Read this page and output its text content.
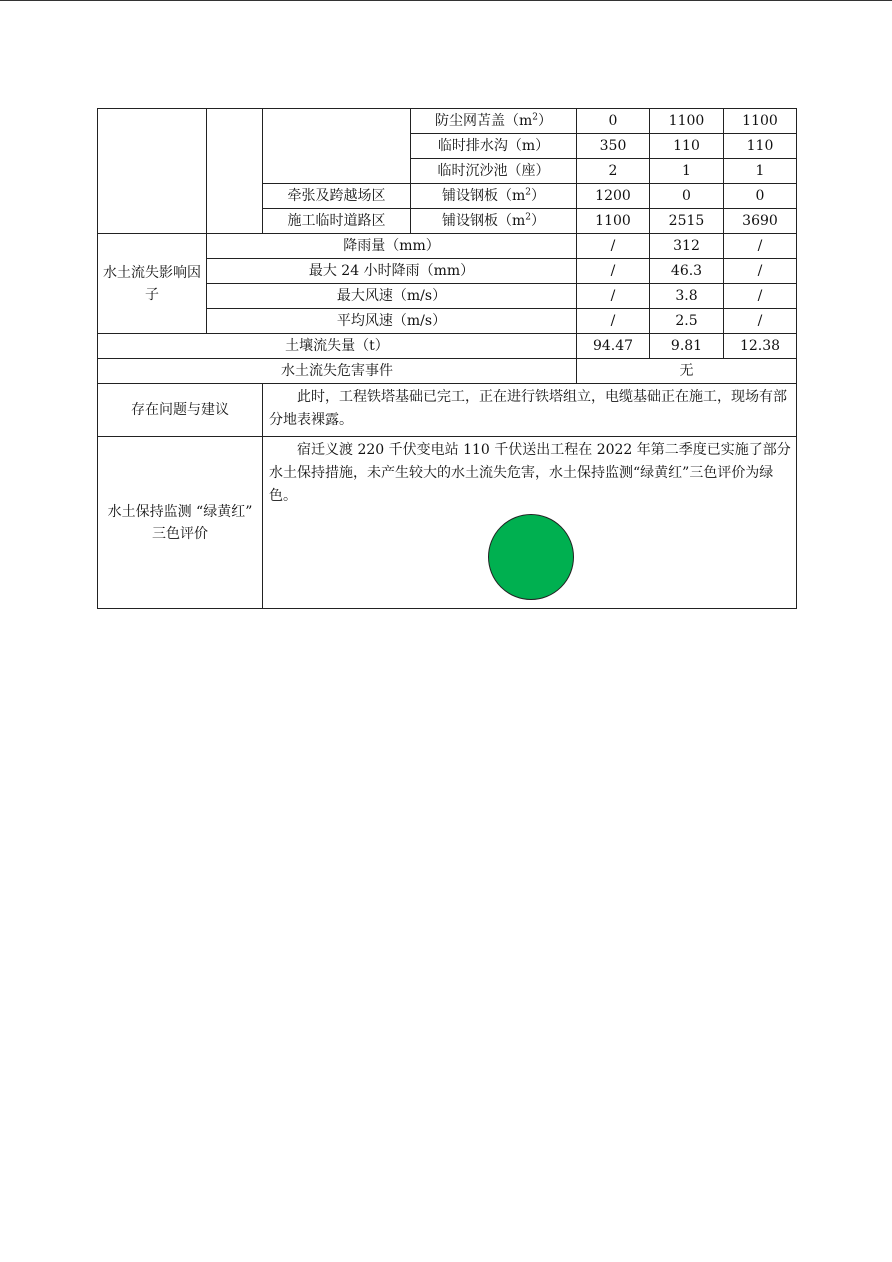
			防尘网苫盖$(m^2)$	0	1100	1100
			临时排水沟（m）	350	110	110
			临时沉沙池（座）	2	1	1
		牵张及跨越场区	铺设钢板$(m^2)$	1200	0	0
		施工临时道路区	铺设钢板$(m^2)$	1100	2515	3690
水土流失影响因子	降雨量（mm）			/	312	/
	最大 24 小时降雨（mm）			/	46.3	/
	最大风速（m/s）			/	3.8	/
	平均风速（m/s）			/	2.5	/
土壤流失量（t）				94.47	9.81	12.38
水土流失危害事件				无		
存在问题与建议		此时，工程铁塔基础已完工，正在进行铁塔组立，电缆基础正在施工，现场有部分地表裸露。				
水土保持监测 “绿黄红” 三色评价		宿迁义渡 220 千伏变电站 110 千伏送出工程在 2022 年第二季度已实施了部分水土保持措施，未产生较大的水土流失危害，水土保持监测“绿黄红”三色评价为绿色。				
